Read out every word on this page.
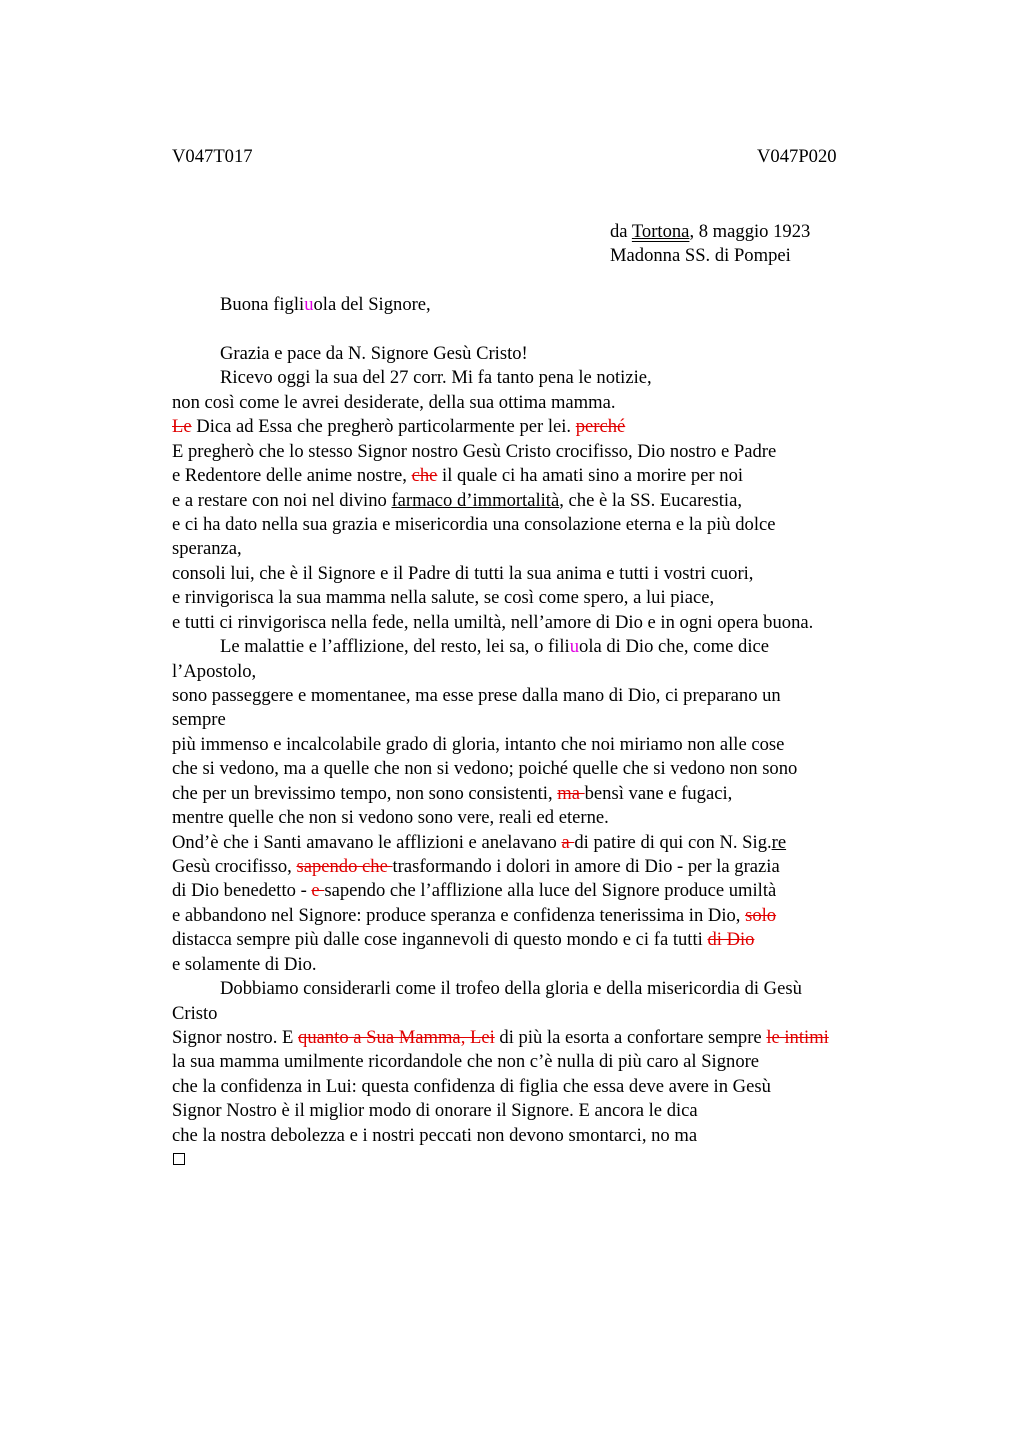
V047T017	V047P020
da Tortona, 8 maggio 1923
Madonna SS. di Pompei
Buona figliuola del Signore,
Grazia e pace da N. Signore Gesù Cristo!
Ricevo oggi la sua del 27 corr. Mi fa tanto pena le notizie,
non così come le avrei desiderate, della sua ottima mamma.
Le Dica ad Essa che pregherò particolarmente per lei. perché
E pregherò che lo stesso Signor nostro Gesù Cristo crocifisso, Dio nostro e Padre
e Redentore delle anime nostre, che il quale ci ha amati sino a morire per noi
e a restare con noi nel divino farmaco d’immortalità, che è la SS. Eucarestia,
e ci ha dato nella sua grazia e misericordia una consolazione eterna e la più dolce
speranza,
consoli lui, che è il Signore e il Padre di tutti la sua anima e tutti i vostri cuori,
e rinvigorisca la sua mamma nella salute, se così come spero, a lui piace,
e tutti ci rinvigorisca nella fede, nella umiltà, nell’amore di Dio e in ogni opera buona.
Le malattie e l’afflizione, del resto, lei sa, o filiuola di Dio che, come dice
l’Apostolo,
sono passeggere e momentanee, ma esse prese dalla mano di Dio, ci preparano un
sempre
più immenso e incalcolabile grado di gloria, intanto che noi miriamo non alle cose
che si vedono, ma a quelle che non si vedono; poiché quelle che si vedono non sono
che per un brevissimo tempo, non sono consistenti, ma bensì vane e fugaci,
mentre quelle che non si vedono sono vere, reali ed eterne.
Ond’è che i Santi amavano le afflizioni e anelavano a di patire di qui con N. Sig.re
Gesù crocifisso, sapendo che trasformando i dolori in amore di Dio - per la grazia
di Dio benedetto - e sapendo che l’afflizione alla luce del Signore produce umiltà
e abbandono nel Signore: produce speranza e confidenza tenerissima in Dio, solo
distacca sempre più dalle cose ingannevoli di questo mondo e ci fa tutti di Dio
e solamente di Dio.
Dobbiamo considerarli come il trofeo della gloria e della misericordia di Gesù
Cristo
Signor nostro. E quanto a Sua Mamma, Lei di più la esorta a confortare sempre le intimi
la sua mamma umilmente ricordandole che non c’è nulla di più caro al Signore
che la confidenza in Lui: questa confidenza di figlia che essa deve avere in Gesù
Signor Nostro è il miglior modo di onorare il Signore. E ancora le dica
che la nostra debolezza e i nostri peccati non devono smontarci, no ma
